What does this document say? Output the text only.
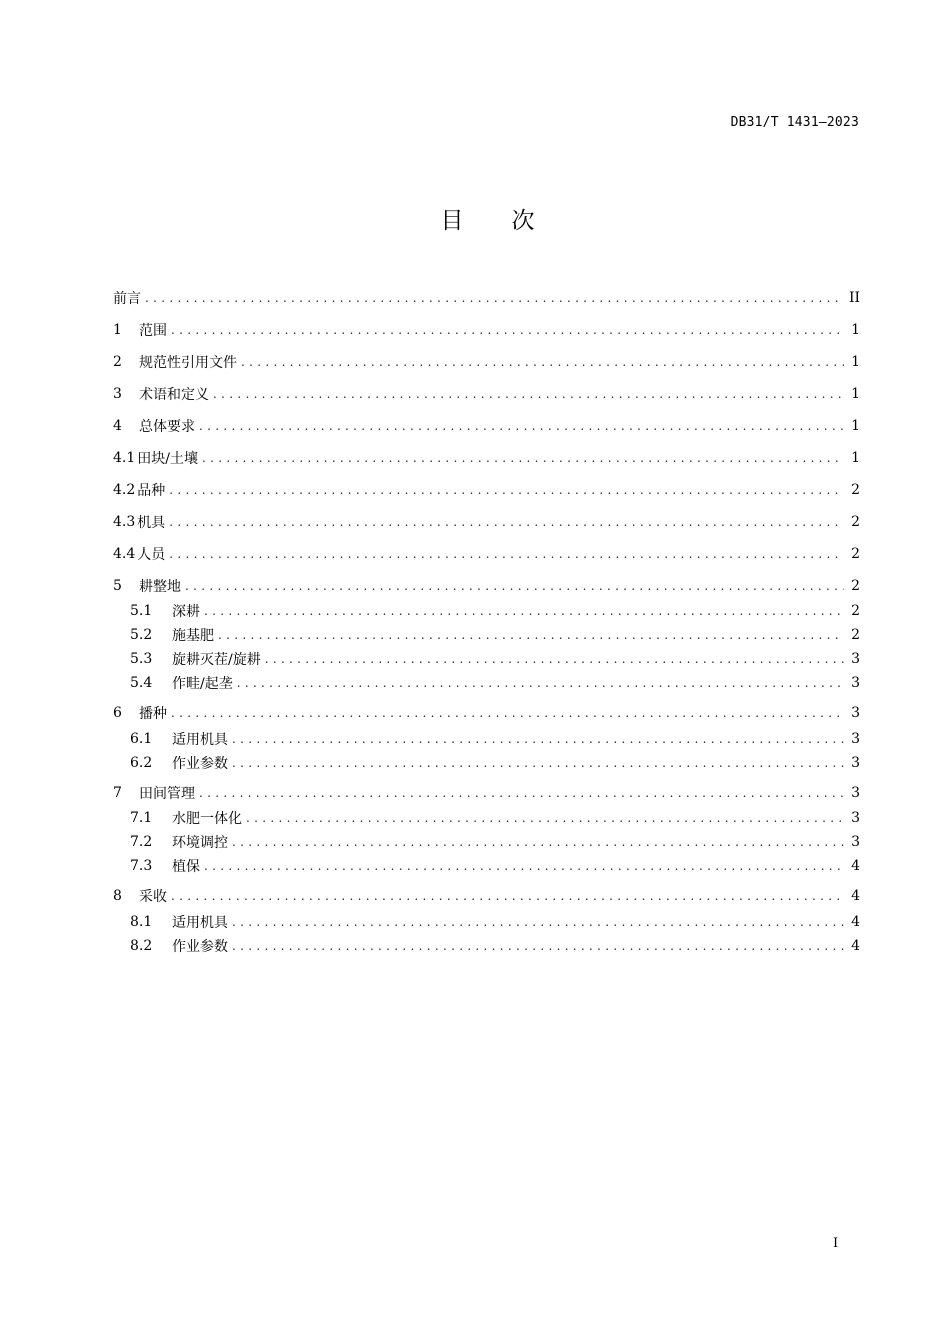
DB31/T 1431—2023
目 次
前言 .....	II
1	范围 .....	1
2	规范性引用文件 .....	1
3	术语和定义 .....	1
4	总体要求 .....	1
4.1 田块/土壤 .....	1
4.2 品种 .....	2
4.3 机具 .....	2
4.4 人员 .....	2
5	耕整地 .....	2
5.1	深耕 .....	2
5.2	施基肥 .....	2
5.3	旋耕灭茬/旋耕 .....	3
5.4	作畦/起垄 .....	3
6	播种 .....	3
6.1	适用机具 .....	3
6.2	作业参数 .....	3
7	田间管理 .....	3
7.1	水肥一体化 .....	3
7.2	环境调控 .....	3
7.3	植保 .....	4
8	采收 .....	4
8.1	适用机具 .....	4
8.2	作业参数 .....	4
I
